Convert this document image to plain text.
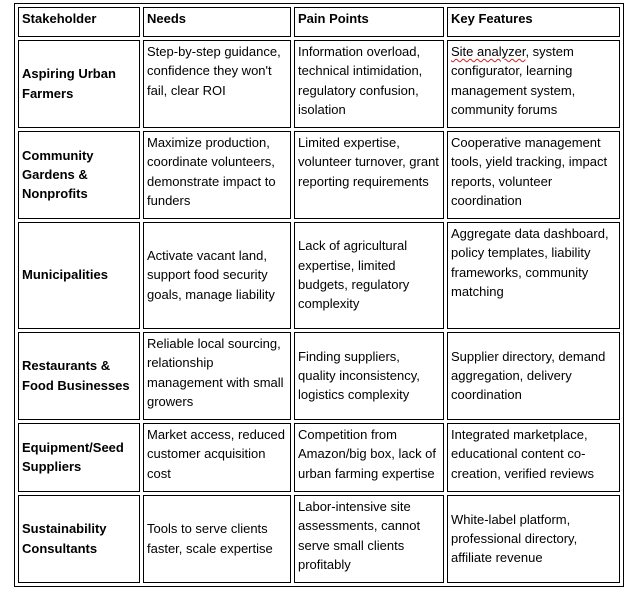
Stakeholder	Needs	Pain Points	Key Features
Aspiring Urban Farmers	Step-by-step guidance, confidence they won't fail, clear ROI	Information overload, technical intimidation, regulatory confusion, isolation	Site analyzer, system configurator, learning management system, community forums
Community Gardens & Nonprofits	Maximize production, coordinate volunteers, demonstrate impact to funders	Limited expertise, volunteer turnover, grant reporting requirements	Cooperative management tools, yield tracking, impact reports, volunteer coordination
Municipalities	Activate vacant land, support food security goals, manage liability	Lack of agricultural expertise, limited budgets, regulatory complexity	Aggregate data dashboard, policy templates, liability frameworks, community matching
Restaurants & Food Businesses	Reliable local sourcing, relationship management with small growers	Finding suppliers, quality inconsistency, logistics complexity	Supplier directory, demand aggregation, delivery coordination
Equipment/Seed Suppliers	Market access, reduced customer acquisition cost	Competition from Amazon/big box, lack of urban farming expertise	Integrated marketplace, educational content co-creation, verified reviews
Sustainability Consultants	Tools to serve clients faster, scale expertise	Labor-intensive site assessments, cannot serve small clients profitably	White-label platform, professional directory, affiliate revenue
